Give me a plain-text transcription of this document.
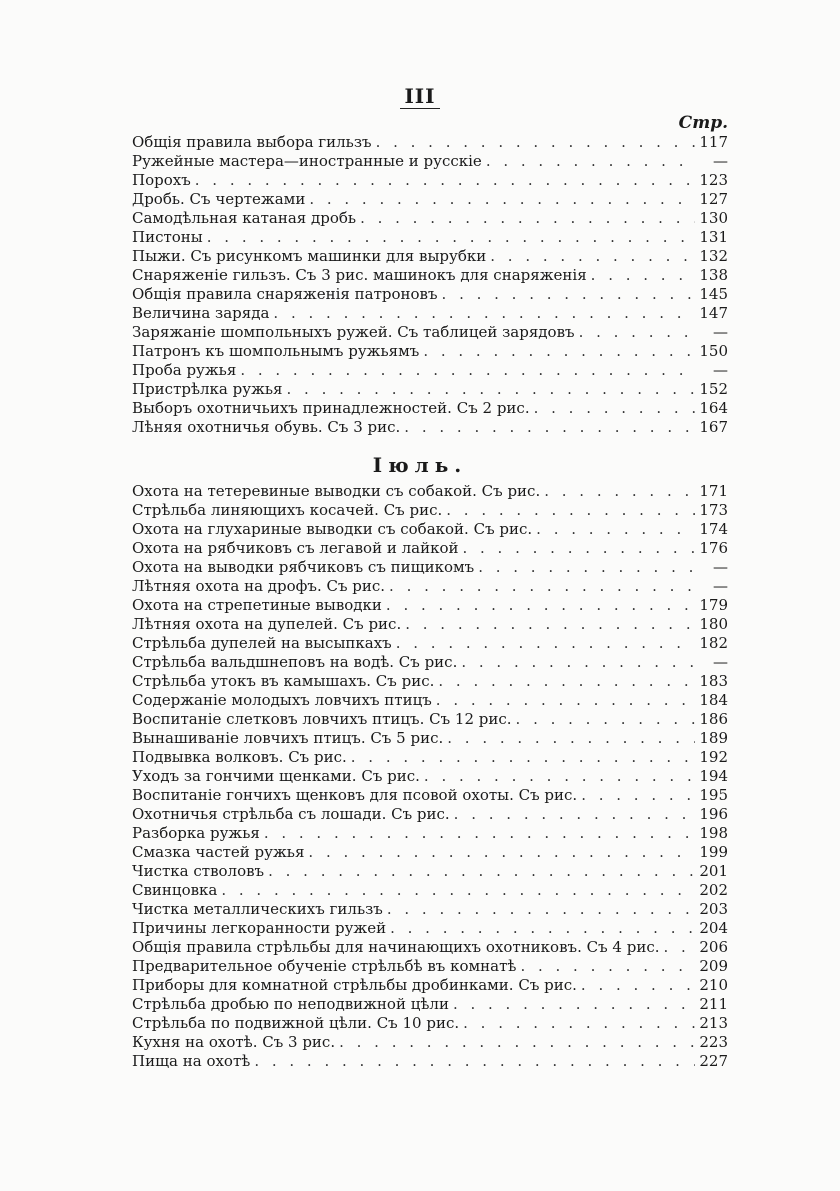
III
Стр.
Общія правила выбора гильзъ . . .	117
Ружейные мастера—иностранные и русскіе . . .	—
Порохъ . . .	123
Дробь. Съ чертежами . . .	127
Самодѣльная катаная дробь . . .	130
Пистоны . . .	131
Пыжи. Съ рисункомъ машинки для вырубки . . .	132
Снаряженіе гильзъ. Съ 3 рис. машинокъ для снаряженія . . .	138
Общія правила снаряженія патроновъ . . .	145
Величина заряда . . .	147
Заряжаніе шомпольныхъ ружей. Съ таблицей зарядовъ . . .	—
Патронъ къ шомпольнымъ ружьямъ . . .	150
Проба ружья . . .	—
Пристрѣлка ружья . . .	152
Выборъ охотничьихъ принадлежностей. Съ 2 рис. . . .	164
Лѣняя охотничья обувь. Съ 3 рис. . . .	167
Іюль.
Охота на тетеревиные выводки съ собакой. Съ рис. . . .	171
Стрѣльба линяющихъ косачей. Съ рис. . . .	173
Охота на глухариные выводки съ собакой. Съ рис. . . .	174
Охота на рябчиковъ съ легавой и лайкой . . .	176
Охота на выводки рябчиковъ съ пищикомъ . . .	—
Лѣтняя охота на дрофъ. Съ рис. . . .	—
Охота на стрепетиные выводки . . .	179
Лѣтняя охота на дупелей. Съ рис. . . .	180
Стрѣльба дупелей на высыпкахъ . . .	182
Стрѣльба вальдшнеповъ на водѣ. Съ рис. . . .	—
Стрѣльба утокъ въ камышахъ. Съ рис. . . .	183
Содержаніе молодыхъ ловчихъ птицъ . . .	184
Воспитаніе слетковъ ловчихъ птицъ. Съ 12 рис. . . .	186
Вынашиваніе ловчихъ птицъ. Съ 5 рис. . . .	189
Подвывка волковъ. Съ рис. . . .	192
Уходъ за гончими щенками. Съ рис. . . .	194
Воспитаніе гончихъ щенковъ для псовой охоты. Съ рис. . . .	195
Охотничья стрѣльба съ лошади. Съ рис. . . .	196
Разборка ружья . . .	198
Смазка частей ружья . . .	199
Чистка стволовъ . . .	201
Свинцовка . . .	202
Чистка металлическихъ гильзъ . . .	203
Причины легкоранности ружей . . .	204
Общія правила стрѣльбы для начинающихъ охотниковъ. Съ 4 рис. . . .	206
Предварительное обученіе стрѣльбѣ въ комнатѣ . . .	209
Приборы для комнатной стрѣльбы дробинками. Съ рис. . . .	210
Стрѣльба дробью по неподвижной цѣли . . .	211
Стрѣльба по подвижной цѣли. Съ 10 рис. . . .	213
Кухня на охотѣ. Съ 3 рис. . . .	223
Пища на охотѣ . . .	227
